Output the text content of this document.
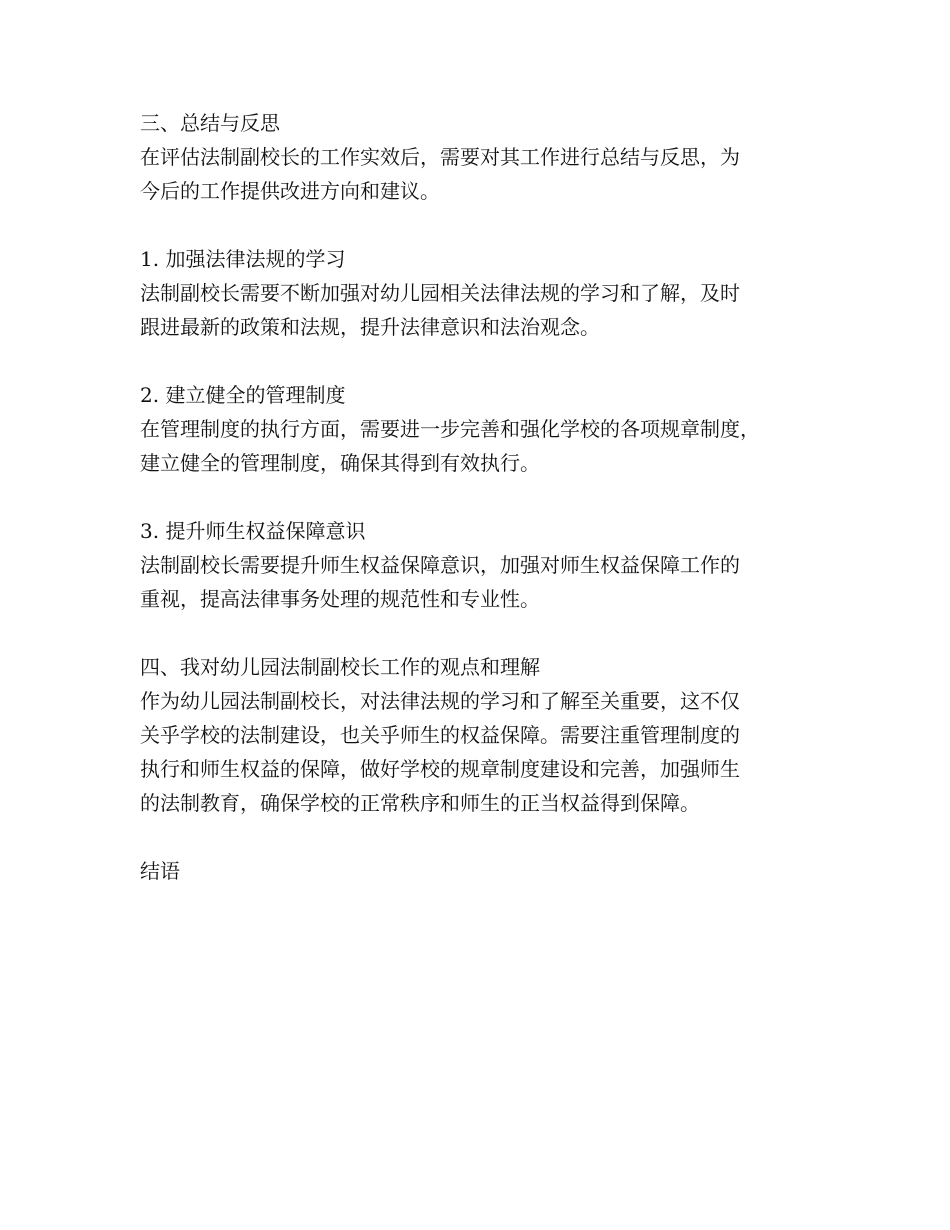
三、总结与反思
在评估法制副校长的工作实效后，需要对其工作进行总结与反思，为
今后的工作提供改进方向和建议。
1. 加强法律法规的学习
法制副校长需要不断加强对幼儿园相关法律法规的学习和了解，及时
跟进最新的政策和法规，提升法律意识和法治观念。
2. 建立健全的管理制度
在管理制度的执行方面，需要进一步完善和强化学校的各项规章制度，
建立健全的管理制度，确保其得到有效执行。
3. 提升师生权益保障意识
法制副校长需要提升师生权益保障意识，加强对师生权益保障工作的
重视，提高法律事务处理的规范性和专业性。
四、我对幼儿园法制副校长工作的观点和理解
作为幼儿园法制副校长，对法律法规的学习和了解至关重要，这不仅
关乎学校的法制建设，也关乎师生的权益保障。需要注重管理制度的
执行和师生权益的保障，做好学校的规章制度建设和完善，加强师生
的法制教育，确保学校的正常秩序和师生的正当权益得到保障。
结语
